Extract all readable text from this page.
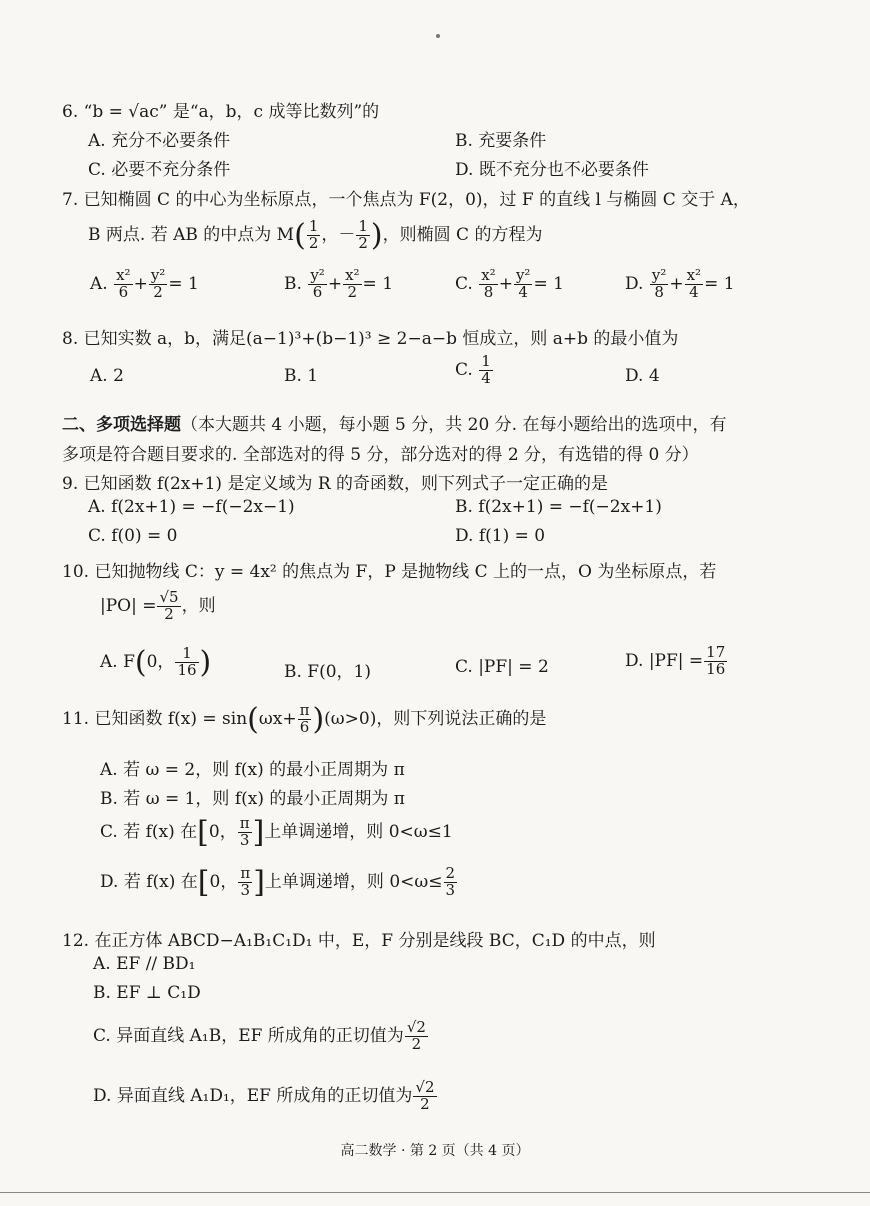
6. “b = √ac” 是“a，b，c 成等比数列”的
A. 充分不必要条件	B. 充要条件
C. 必要不充分条件	D. 既不充分也不必要条件
7. 已知椭圆 C 的中心为坐标原点，一个焦点为 F(2，0)，过 F 的直线 l 与椭圆 C 交于 A，
B 两点. 若 AB 的中点为 $M( \frac{1}{2}$ ，－ $\frac{1}{2}$ )，则椭圆 C 的方程为
A. $\frac{\text{x²}}{6} + \frac{\text{y²}}{2} = 1$	B. $\frac{\text{y²}}{6} + \frac{\text{x²}}{2} = 1$	C. $\frac{\text{x²}}{8} + \frac{\text{y²}}{4} = 1$	D. $\frac{\text{y²}}{8} + \frac{\text{x²}}{4} = 1$
8. 已知实数 a，b，满足(a−1)³+(b−1)³ ≥ 2−a−b 恒成立，则 a+b 的最小值为
A. 2	B. 1	C. $\frac{1}{4}$	D. 4
二、多项选择题（本大题共 4 小题，每小题 5 分，共 20 分. 在每小题给出的选项中，有
多项是符合题目要求的. 全部选对的得 5 分，部分选对的得 2 分，有选错的得 0 分）
9. 已知函数 f(2x+1) 是定义域为 R 的奇函数，则下列式子一定正确的是
A. f(2x+1) = −f(−2x−1)	B. f(2x+1) = −f(−2x+1)
C. f(0) = 0	D. f(1) = 0
10. 已知抛物线 C：y = 4x² 的焦点为 F，P 是抛物线 C 上的一点，O 为坐标原点，若
$|PO| = \frac{√5}{2}$ ，则
A. F(0， $\frac{1}{16}$ )	B. F(0，1)	C. |PF| = 2	D. $|PF| = \frac{17}{16}$
11. 已知函数 $f(x) = \sin(\omega x+ \frac{\pi}{6} )(\omega>0)$，则下列说法正确的是
A. 若 ω = 2，则 f(x) 的最小正周期为 π
B. 若 ω = 1，则 f(x) 的最小正周期为 π
C. 若 f(x) 在[0， $\frac{\pi}{3}$ ]上单调递增，则 0<ω≤1
D. 若 f(x) 在[0， $\frac{\pi}{3}$ ]上单调递增，则 $0<\omega\le \frac{2}{3}$
12. 在正方体 ABCD−A₁B₁C₁D₁ 中，E，F 分别是线段 BC，C₁D 的中点，则
A. EF // BD₁
B. EF ⊥ C₁D
C. 异面直线 A₁B，EF 所成角的正切值为 $\frac{√2}{2}$
D. 异面直线 A₁D₁，EF 所成角的正切值为 $\frac{√2}{2}$
高二数学 · 第 2 页（共 4 页）
